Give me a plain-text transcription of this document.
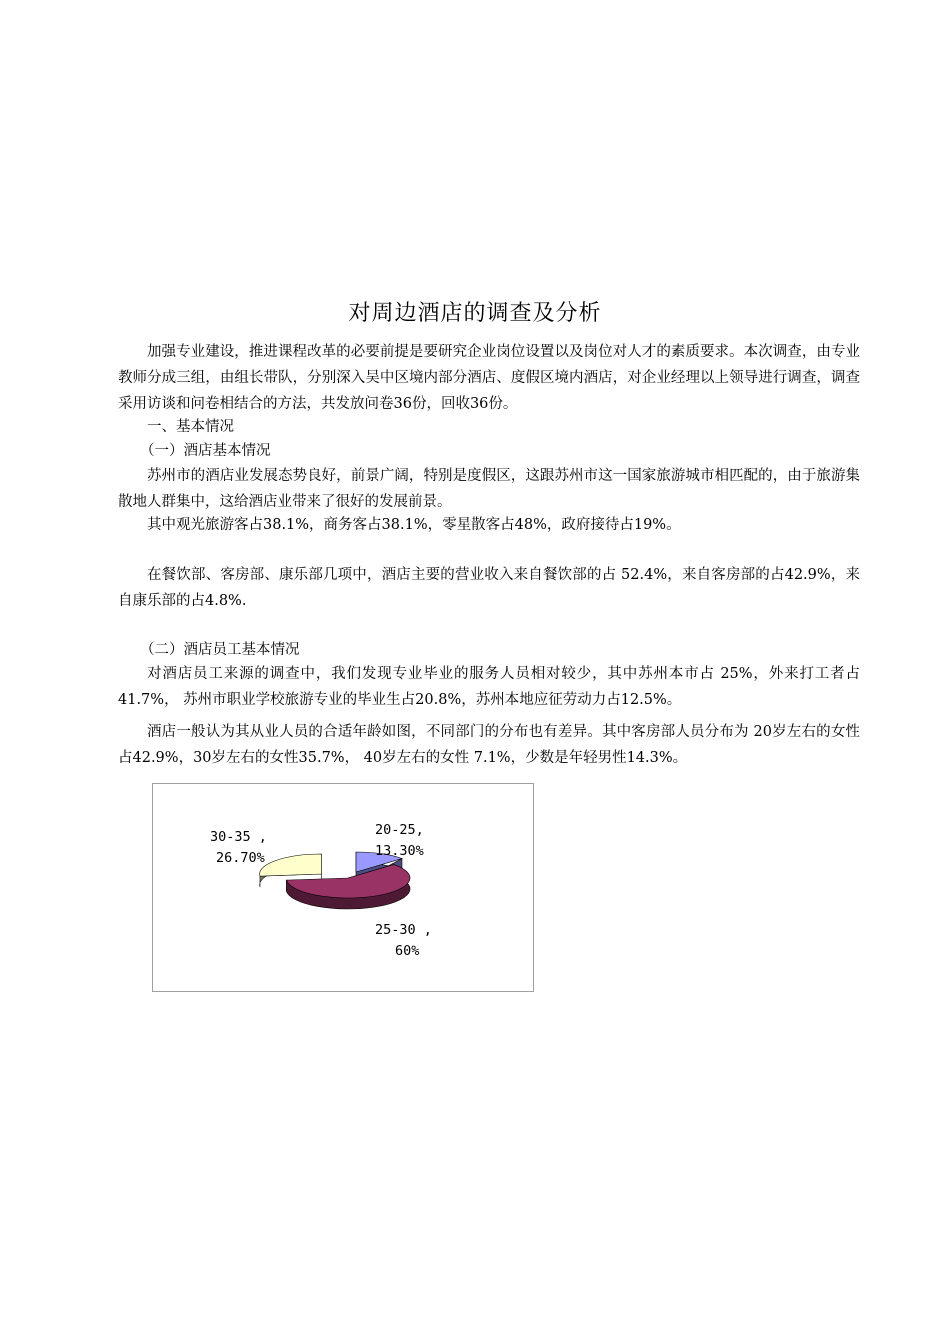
对周边酒店的调查及分析

加强专业建设，推进课程改革的必要前提是要研究企业岗位设置以及岗位对人才的素质要求。本次调查，由专业教师分成三组，由组长带队，分别深入吴中区境内部分酒店、度假区境内酒店，对企业经理以上领导进行调查，调查采用访谈和问卷相结合的方法，共发放问卷36份，回收36份。

一、基本情况

（一）酒店基本情况

苏州市的酒店业发展态势良好，前景广阔，特别是度假区，这跟苏州市这一国家旅游城市相匹配的，由于旅游集散地人群集中，这给酒店业带来了很好的发展前景。

其中观光旅游客占38.1%，商务客占38.1%，零星散客占48%，政府接待占19%。

在餐饮部、客房部、康乐部几项中，酒店主要的营业收入来自餐饮部的占 52.4%，来自客房部的占42.9%，来自康乐部的占4.8%.

（二）酒店员工基本情况

对酒店员工来源的调查中，我们发现专业毕业的服务人员相对较少，其中苏州本市占 25%，外来打工者占41.7%， 苏州市职业学校旅游专业的毕业生占20.8%，苏州本地应征劳动力占12.5%。

酒店一般认为其从业人员的合适年龄如图，不同部门的分布也有差异。其中客房部人员分布为 20岁左右的女性占42.9%，30岁左右的女性35.7%， 40岁左右的女性 7.1%，少数是年轻男性14.3%。

30-35 ,
26.70%
20-25,
13.30%
25-30 ,
60%
